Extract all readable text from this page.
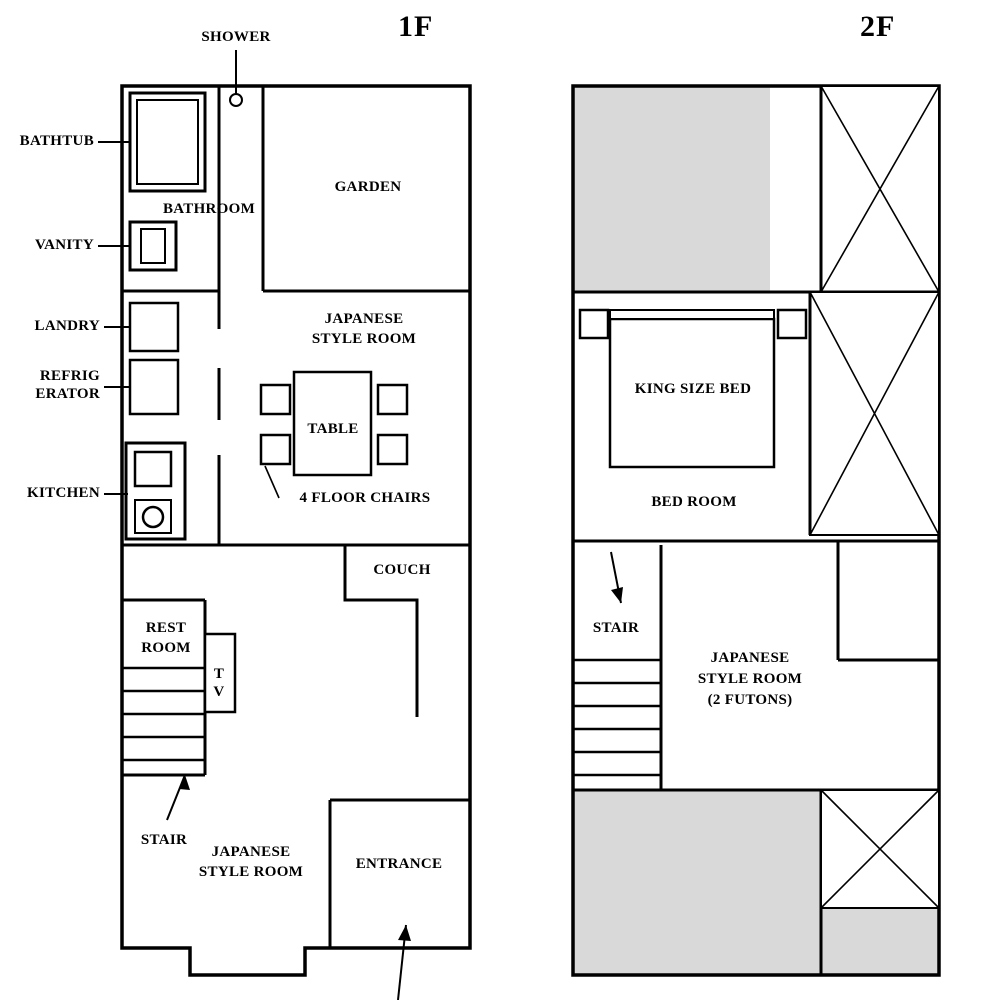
1F	2F
SHOWER
BATHTUB
BATHROOM
VANITY
LANDRY
REFRIG
ERATOR
KITCHEN
GARDEN
JAPANESE
STYLE ROOM
TABLE
4 FLOOR CHAIRS
COUCH
REST
ROOM
T
V
STAIR
JAPANESE
STYLE ROOM	ENTRANCE
KING SIZE BED
BED ROOM
STAIR
JAPANESE
STYLE ROOM
(2 FUTONS)
